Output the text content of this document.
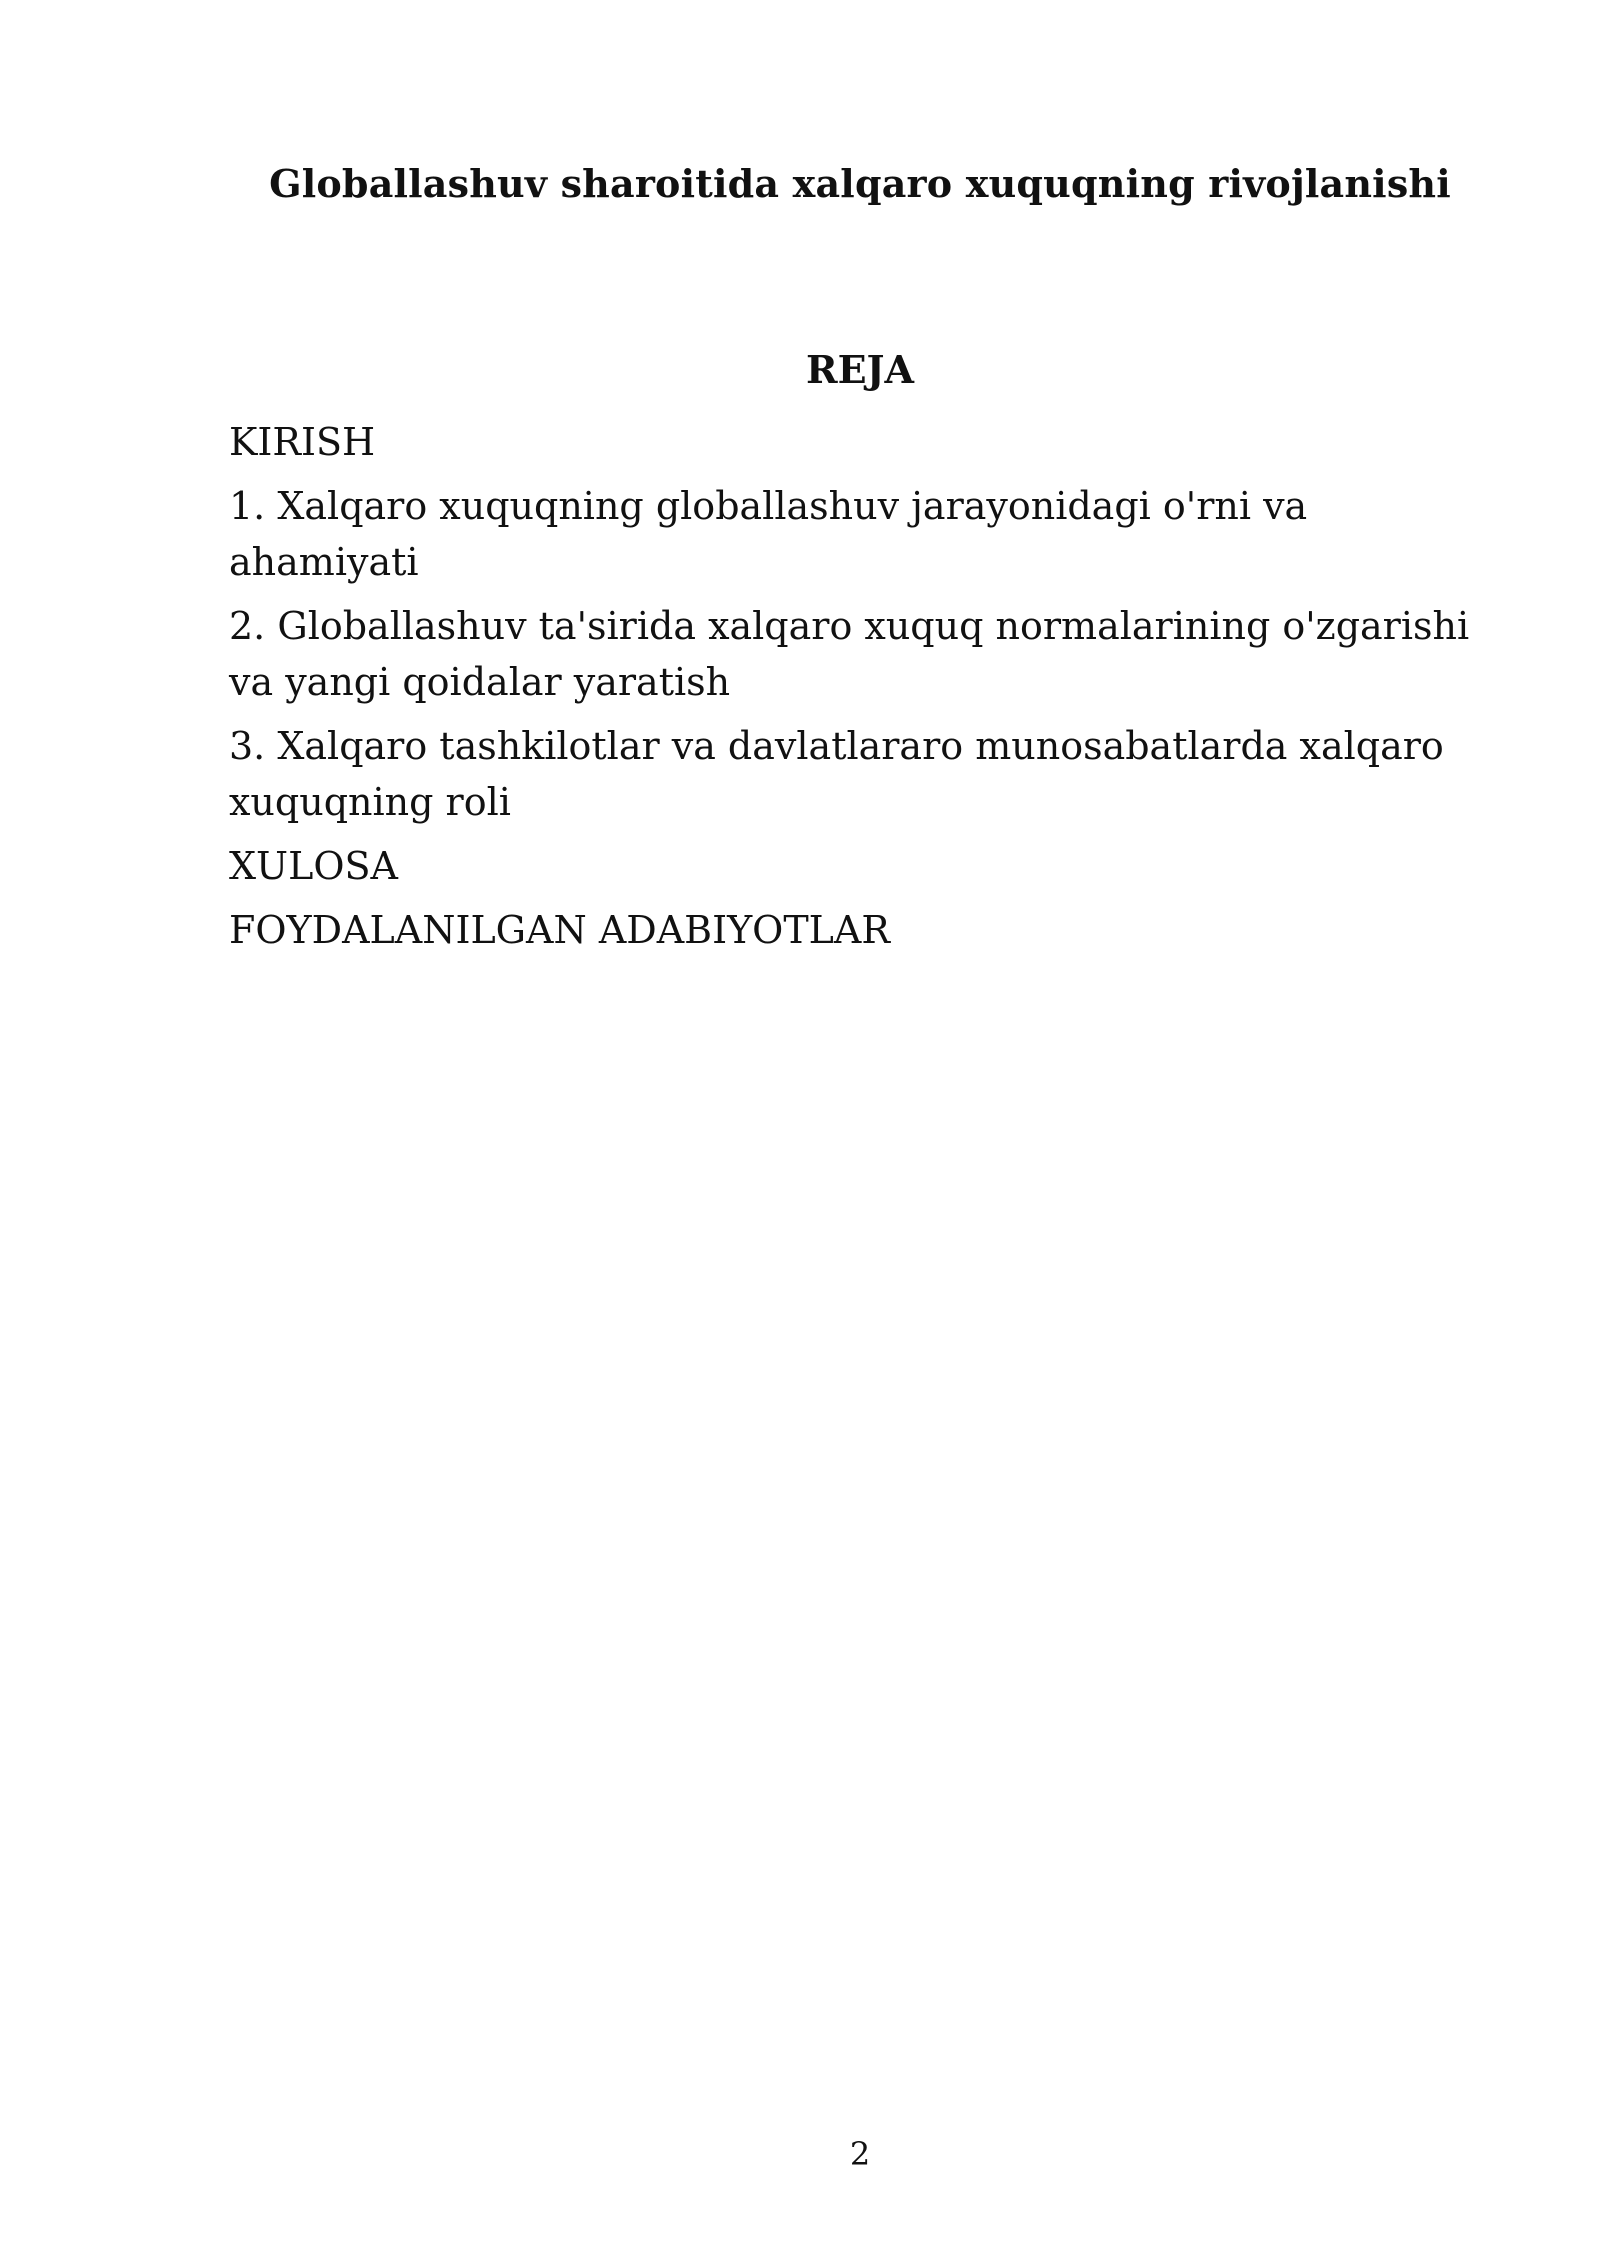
Globallashuv sharoitida xalqaro xuquqning rivojlanishi
REJA
KIRISH
1. Xalqaro xuquqning globallashuv jarayonidagi o'rni va ahamiyati
2. Globallashuv ta'sirida xalqaro xuquq normalarining o'zgarishi va yangi qoidalar yaratish
3. Xalqaro tashkilotlar va davlatlararo munosabatlarda xalqaro xuquqning roli
XULOSA
FOYDALANILGAN ADABIYOTLAR
2
